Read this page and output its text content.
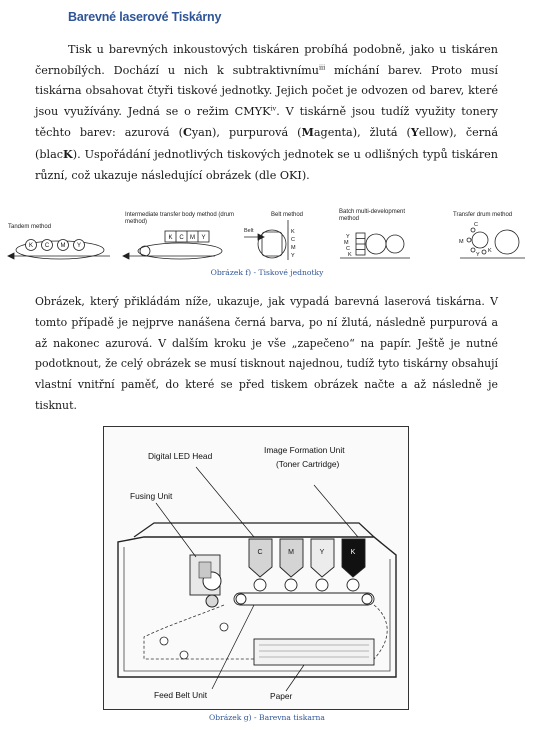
Barevné laserové Tiskárny

Tisk u barevných inkoustových tiskáren probíhá podobně, jako u tiskáren černobílých. Dochází u nich k subtraktivnímu$^{iii}$ míchání barev. Proto musí tiskárna obsahovat čtyři tiskové jednotky. Jejich počet je odvozen od barev, které jsou využívány. Jedná se o režim CMYK$^{iv}$. V tiskárně jsou tudíž využity tonery těchto barev: azurová (Cyan), purpurová (Magenta), žlutá (Yellow), černá (blacK). Uspořádání jednotlivých tiskových jednotek se u odlišných typů tiskáren různí, což ukazuje následující obrázek (dle OKI).

Tandem method
Intermediate transfer body method (drum method)
Belt method
Belt
Batch multi-development method
Transfer drum method
K C M Y
K C M Y
K
C
M
Y
Y
M
C
K
C
M
Y
K
Obrázek f) - Tiskové jednotky

Obrázek, který přikládám níže, ukazuje, jak vypadá barevná laserová tiskárna. V tomto případě je nejprve nanášena černá barva, po ní žlutá, následně purpurová a až nakonec azurová. V dalším kroku je vše „zapečeno“ na papír. Ještě je nutné podotknout, že celý obrázek se musí tisknout najednou, tudíž tyto tiskárny obsahují vlastní vnitřní paměť, do které se před tiskem obrázek načte a až následně je tisknut.

C	M	Y	K
Digital LED Head
Image Formation Unit
(Toner Cartridge)
Fusing Unit
Feed Belt Unit	Paper
Obrázek g) - Barevna tiskarna
